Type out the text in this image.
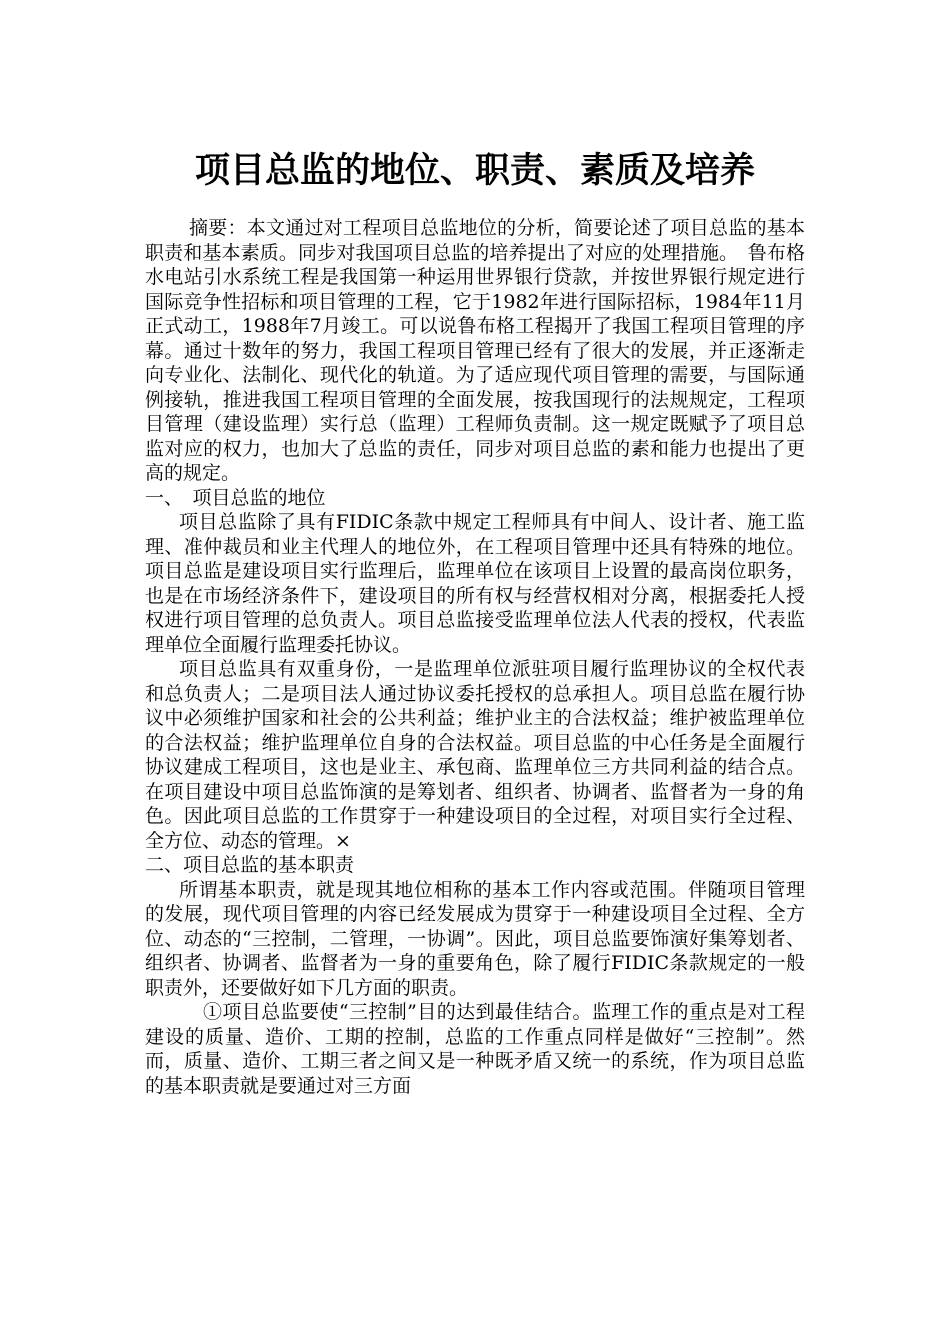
项目总监的地位、职责、素质及培养

摘要：本文通过对工程项目总监地位的分析，简要论述了项目总监的基本职责和基本素质。同步对我国项目总监的培养提出了对应的处理措施。　鲁布格水电站引水系统工程是我国第一种运用世界银行贷款，并按世界银行规定进行国际竞争性招标和项目管理的工程，它于1982年进行国际招标，1984年11月正式动工，1988年7月竣工。可以说鲁布格工程揭开了我国工程项目管理的序幕。通过十数年的努力，我国工程项目管理已经有了很大的发展，并正逐渐走向专业化、法制化、现代化的轨道。为了适应现代项目管理的需要，与国际通例接轨，推进我国工程项目管理的全面发展，按我国现行的法规规定，工程项目管理（建设监理）实行总（监理）工程师负责制。这一规定既赋予了项目总监对应的权力，也加大了总监的责任，同步对项目总监的素和能力也提出了更高的规定。

一、　项目总监的地位

项目总监除了具有FIDIC条款中规定工程师具有中间人、设计者、施工监理、准仲裁员和业主代理人的地位外，在工程项目管理中还具有特殊的地位。项目总监是建设项目实行监理后，监理单位在该项目上设置的最高岗位职务，也是在市场经济条件下，建设项目的所有权与经营权相对分离，根据委托人授权进行项目管理的总负责人。项目总监接受监理单位法人代表的授权，代表监理单位全面履行监理委托协议。

项目总监具有双重身份，一是监理单位派驻项目履行监理协议的全权代表和总负责人；二是项目法人通过协议委托授权的总承担人。项目总监在履行协议中必须维护国家和社会的公共利益；维护业主的合法权益；维护被监理单位的合法权益；维护监理单位自身的合法权益。项目总监的中心任务是全面履行协议建成工程项目，这也是业主、承包商、监理单位三方共同利益的结合点。在项目建设中项目总监饰演的是筹划者、组织者、协调者、监督者为一身的角色。因此项目总监的工作贯穿于一种建设项目的全过程，对项目实行全过程、全方位、动态的管理。×

二、项目总监的基本职责

所谓基本职责，就是现其地位相称的基本工作内容或范围。伴随项目管理的发展，现代项目管理的内容已经发展成为贯穿于一种建设项目全过程、全方位、动态的“三控制，二管理，一协调”。因此，项目总监要饰演好集筹划者、组织者、协调者、监督者为一身的重要角色，除了履行FIDIC条款规定的一般职责外，还要做好如下几方面的职责。

①项目总监要使“三控制”目的达到最佳结合。监理工作的重点是对工程建设的质量、造价、工期的控制，总监的工作重点同样是做好“三控制”。然而，质量、造价、工期三者之间又是一种既矛盾又统一的系统，作为项目总监的基本职责就是要通过对三方面
